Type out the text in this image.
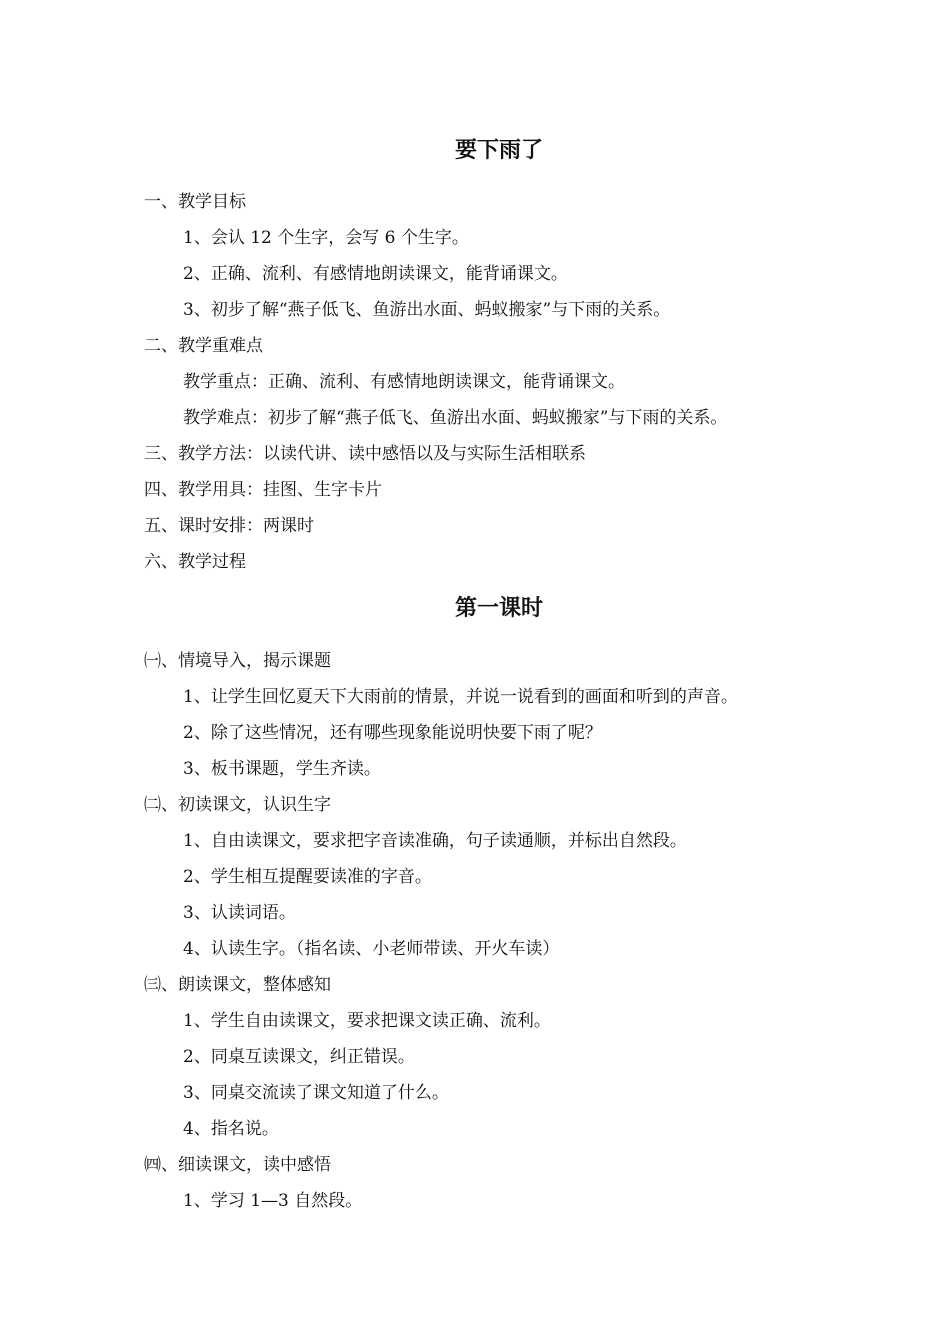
要下雨了

一、教学目标

1、会认 12 个生字，会写 6 个生字。

2、正确、流利、有感情地朗读课文，能背诵课文。

3、初步了解“燕子低飞、鱼游出水面、蚂蚁搬家”与下雨的关系。

二、教学重难点

教学重点：正确、流利、有感情地朗读课文，能背诵课文。

教学难点：初步了解“燕子低飞、鱼游出水面、蚂蚁搬家”与下雨的关系。

三、教学方法：以读代讲、读中感悟以及与实际生活相联系

四、教学用具：挂图、生字卡片

五、课时安排：两课时

六、教学过程

第一课时

㈠、情境导入，揭示课题

1、让学生回忆夏天下大雨前的情景，并说一说看到的画面和听到的声音。

2、除了这些情况，还有哪些现象能说明快要下雨了呢？

3、板书课题，学生齐读。

㈡、初读课文，认识生字

1、自由读课文，要求把字音读准确，句子读通顺，并标出自然段。

2、学生相互提醒要读准的字音。

3、认读词语。

4、认读生字。（指名读、小老师带读、开火车读）

㈢、朗读课文，整体感知

1、学生自由读课文，要求把课文读正确、流利。

2、同桌互读课文，纠正错误。

3、同桌交流读了课文知道了什么。

4、指名说。

㈣、细读课文，读中感悟

1、学习 1—3 自然段。
